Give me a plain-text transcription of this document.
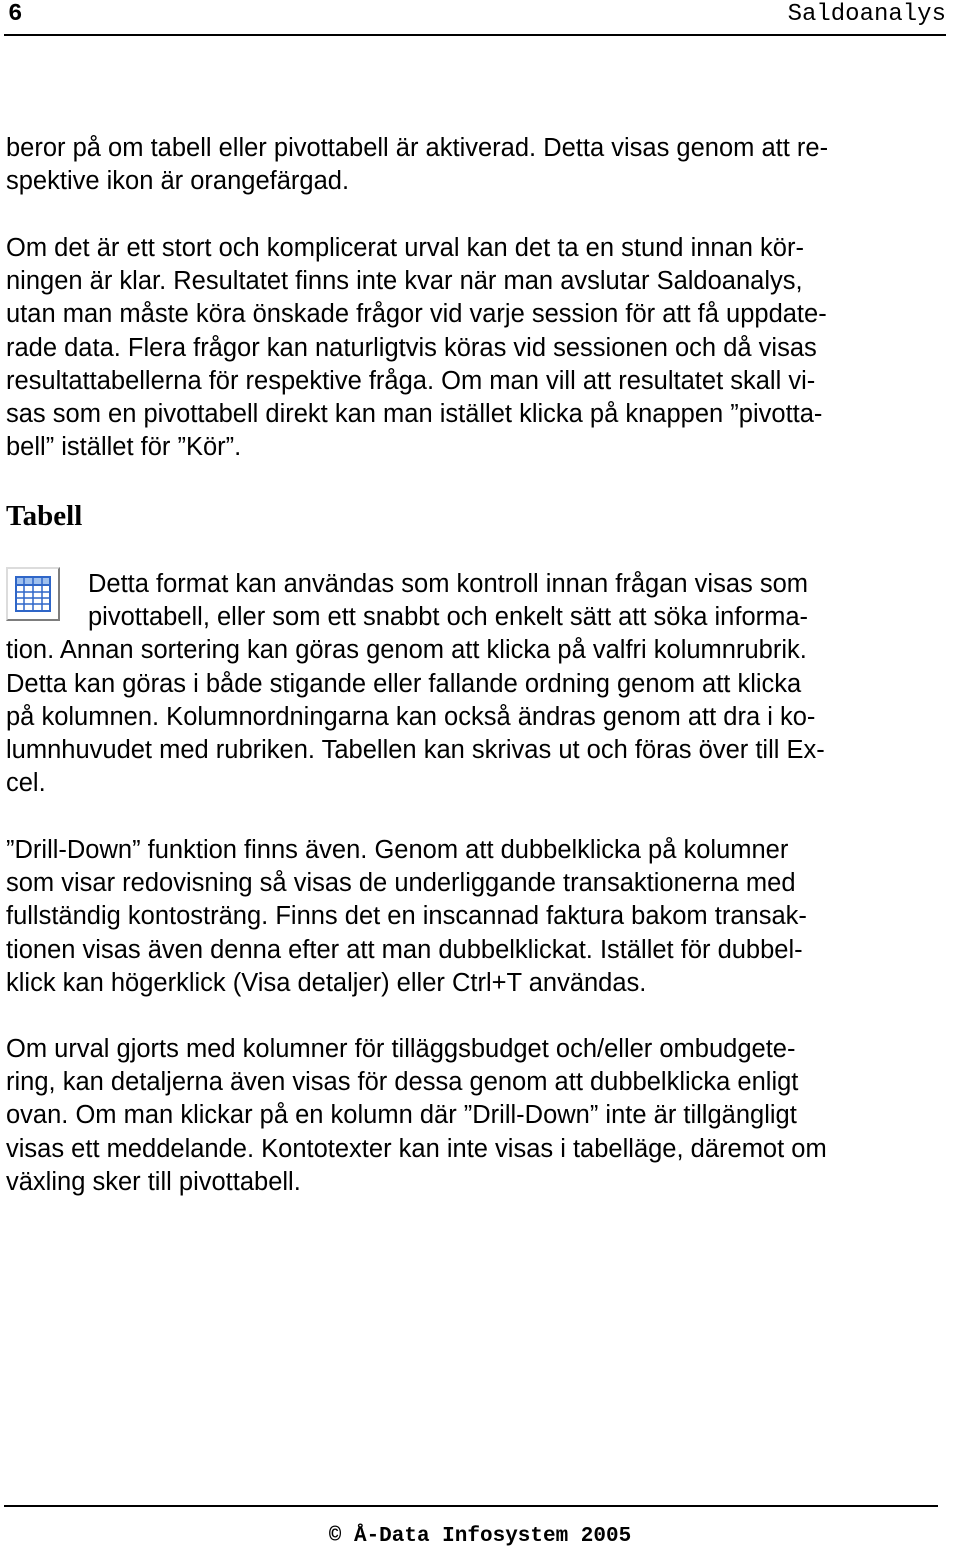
6	Saldoanalys

beror på om tabell eller pivottabell är aktiverad. Detta visas genom att re-
spektive ikon är orangefärgad.

Om det är ett stort och komplicerat urval kan det ta en stund innan kör-
ningen är klar. Resultatet finns inte kvar när man avslutar Saldoanalys,
utan man måste köra önskade frågor vid varje session för att få uppdate-
rade data. Flera frågor kan naturligtvis köras vid sessionen och då visas
resultattabellerna för respektive fråga. Om man vill att resultatet skall vi-
sas som en pivottabell direkt kan man istället klicka på knappen ”pivotta-
bell” istället för ”Kör”.

Tabell

Detta format kan användas som kontroll innan frågan visas som
pivottabell, eller som ett snabbt och enkelt sätt att söka informa-
tion. Annan sortering kan göras genom att klicka på valfri kolumnrubrik.
Detta kan göras i både stigande eller fallande ordning genom att klicka
på kolumnen. Kolumnordningarna kan också ändras genom att dra i ko-
lumnhuvudet med rubriken. Tabellen kan skrivas ut och föras över till Ex-
cel.

”Drill-Down” funktion finns även. Genom att dubbelklicka på kolumner
som visar redovisning så visas de underliggande transaktionerna med
fullständig kontosträng. Finns det en inscannad faktura bakom transak-
tionen visas även denna efter att man dubbelklickat. Istället för dubbel-
klick kan högerklick (Visa detaljer) eller Ctrl+T användas.

Om urval gjorts med kolumner för tilläggsbudget och/eller ombudgete-
ring, kan detaljerna även visas för dessa genom att dubbelklicka enligt
ovan. Om man klickar på en kolumn där ”Drill-Down” inte är tillgängligt
visas ett meddelande. Kontotexter kan inte visas i tabelläge, däremot om
växling sker till pivottabell.

© Å-Data Infosystem 2005
